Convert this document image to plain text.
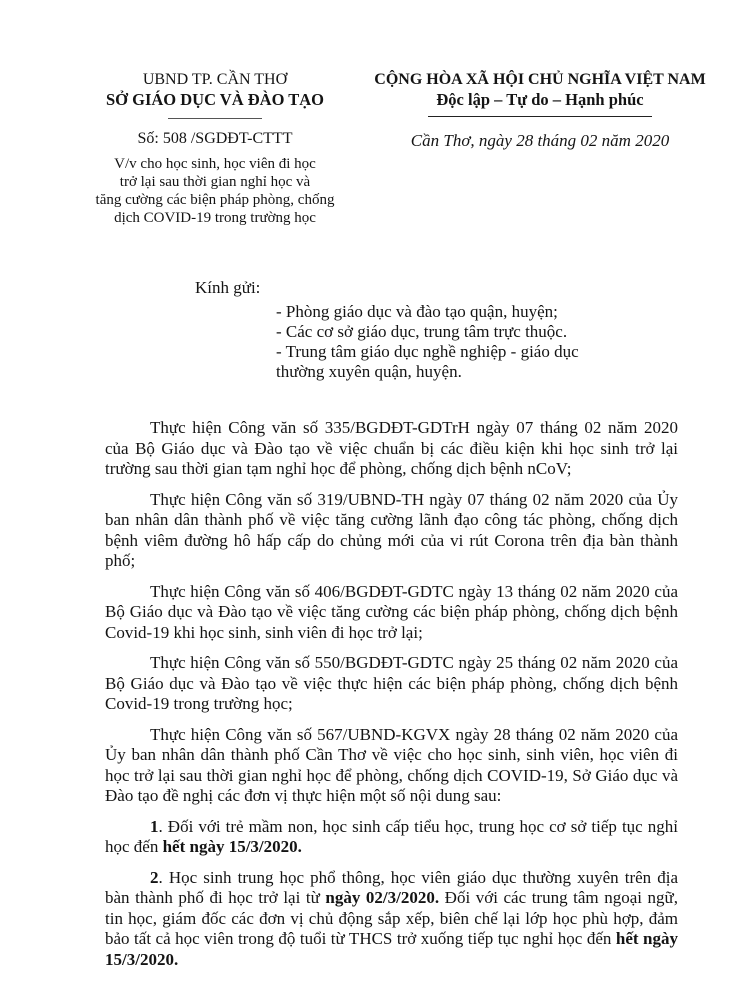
UBND TP. CẦN THƠ
SỞ GIÁO DỤC VÀ ĐÀO TẠO
Số: 508 /SGDĐT-CTTT
V/v cho học sinh, học viên đi học
trở lại sau thời gian nghỉ học và
tăng cường các biện pháp phòng, chống
dịch COVID-19 trong trường học
CỘNG HÒA XÃ HỘI CHỦ NGHĨA VIỆT NAM
Độc lập – Tự do – Hạnh phúc
Cần Thơ, ngày 28 tháng 02 năm 2020
Kính gửi:
- Phòng giáo dục và đào tạo quận, huyện;
- Các cơ sở giáo dục, trung tâm trực thuộc.
- Trung tâm giáo dục nghề nghiệp - giáo dục
thường xuyên quận, huyện.

Thực hiện Công văn số 335/BGDĐT-GDTrH ngày 07 tháng 02 năm 2020 của Bộ Giáo dục và Đào tạo về việc chuẩn bị các điều kiện khi học sinh trở lại trường sau thời gian tạm nghỉ học để phòng, chống dịch bệnh nCoV;

Thực hiện Công văn số 319/UBND-TH ngày 07 tháng 02 năm 2020 của Ủy ban nhân dân thành phố về việc tăng cường lãnh đạo công tác phòng, chống dịch bệnh viêm đường hô hấp cấp do chủng mới của vi rút Corona trên địa bàn thành phố;

Thực hiện Công văn số 406/BGDĐT-GDTC ngày 13 tháng 02 năm 2020 của Bộ Giáo dục và Đào tạo về việc tăng cường các biện pháp phòng, chống dịch bệnh Covid-19 khi học sinh, sinh viên đi học trở lại;

Thực hiện Công văn số 550/BGDĐT-GDTC ngày 25 tháng 02 năm 2020 của Bộ Giáo dục và Đào tạo về việc thực hiện các biện pháp phòng, chống dịch bệnh Covid-19 trong trường học;

Thực hiện Công văn số 567/UBND-KGVX ngày 28 tháng 02 năm 2020 của Ủy ban nhân dân thành phố Cần Thơ về việc cho học sinh, sinh viên, học viên đi học trở lại sau thời gian nghỉ học để phòng, chống dịch COVID-19, Sở Giáo dục và Đào tạo đề nghị các đơn vị thực hiện một số nội dung sau:

1. Đối với trẻ mầm non, học sinh cấp tiểu học, trung học cơ sở tiếp tục nghỉ học đến hết ngày 15/3/2020.

2. Học sinh trung học phổ thông, học viên giáo dục thường xuyên trên địa bàn thành phố đi học trở lại từ ngày 02/3/2020. Đối với các trung tâm ngoại ngữ, tin học, giám đốc các đơn vị chủ động sắp xếp, biên chế lại lớp học phù hợp, đảm bảo tất cả học viên trong độ tuổi từ THCS trở xuống tiếp tục nghỉ học đến hết ngày 15/3/2020.
